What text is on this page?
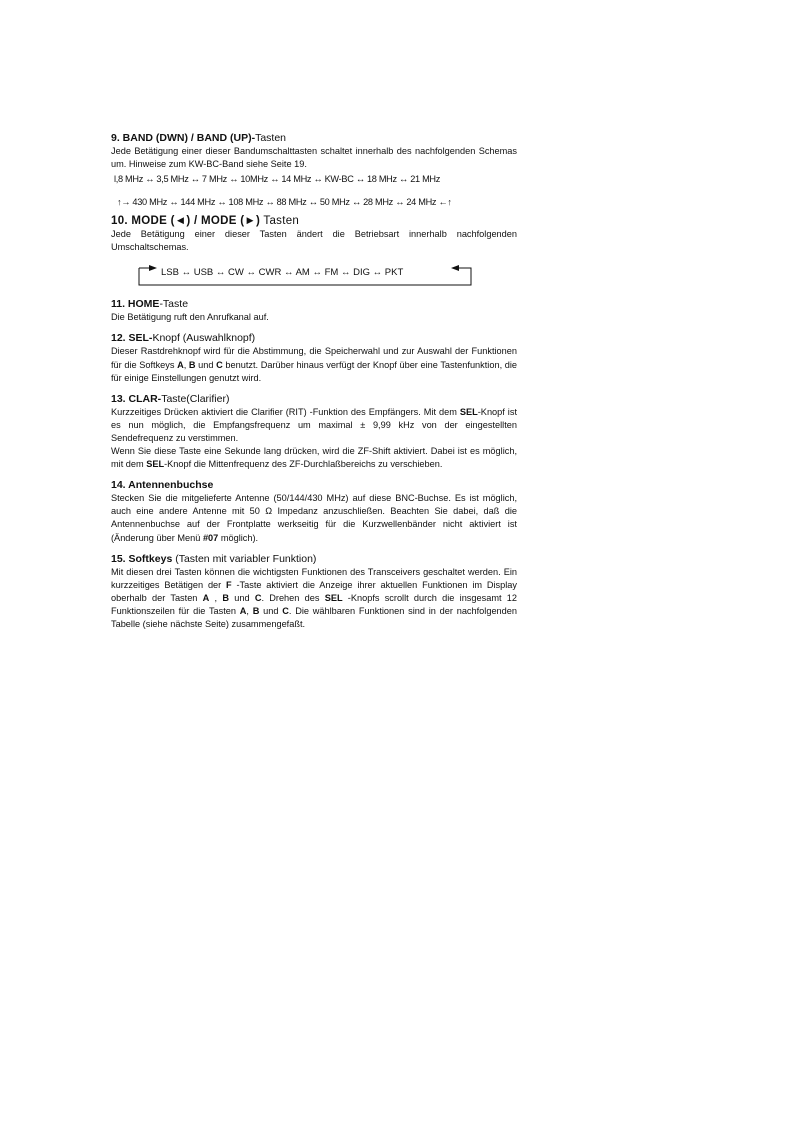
9. BAND (DWN) / BAND (UP)-Tasten

Jede Betätigung einer dieser Bandumschalttasten schaltet innerhalb des nachfolgenden Schemas um. Hinweise zum KW-BC-Band siehe Seite 19.

l,8 MHz ↔ 3,5 MHz ↔ 7 MHz ↔ 10MHz ↔ 14 MHz ↔ KW-BC ↔ 18 MHz ↔ 21 MHz
↑→ 430 MHz ↔ 144 MHz ↔ 108 MHz ↔ 88 MHz ↔ 50 MHz ↔ 28 MHz ↔ 24 MHz ←↑
10. MODE (◄) / MODE (►) Tasten

Jede Betätigung einer dieser Tasten ändert die Betriebsart innerhalb nachfolgenden Umschaltschemas.

LSB ↔ USB ↔ CW ↔ CWR ↔ AM ↔ FM ↔ DIG ↔ PKT
11. HOME-Taste

Die Betätigung ruft den Anrufkanal auf.

12. SEL-Knopf (Auswahlknopf)

Dieser Rastdrehknopf wird für die Abstimmung, die Speicherwahl und zur Auswahl der Funktionen für die Softkeys A, B und C benutzt. Darüber hinaus verfügt der Knopf über eine Tastenfunktion, die für einige Einstellungen genutzt wird.

13. CLAR-Taste(Clarifier)

Kurzzeitiges Drücken aktiviert die Clarifier (RIT) -Funktion des Empfängers. Mit dem SEL-Knopf ist es nun möglich, die Empfangsfrequenz um maximal ± 9,99 kHz von der eingestellten Sendefrequenz zu verstimmen.

Wenn Sie diese Taste eine Sekunde lang drücken, wird die ZF-Shift aktiviert. Dabei ist es möglich, mit dem SEL-Knopf die Mittenfrequenz des ZF-Durchlaßbereichs zu verschieben.

14. Antennenbuchse

Stecken Sie die mitgelieferte Antenne (50/144/430 MHz) auf diese BNC-Buchse. Es ist möglich, auch eine andere Antenne mit 50 Ω Impedanz anzuschließen. Beachten Sie dabei, daß die Antennenbuchse auf der Frontplatte werkseitig für die Kurzwellenbänder nicht aktiviert ist (Änderung über Menü #07 möglich).

15. Softkeys (Tasten mit variabler Funktion)

Mit diesen drei Tasten können die wichtigsten Funktionen des Transceivers geschaltet werden. Ein kurzzeitiges Betätigen der F -Taste aktiviert die Anzeige ihrer aktuellen Funktionen im Display oberhalb der Tasten A , B und C. Drehen des SEL -Knopfs scrollt durch die insgesamt 12 Funktionszeilen für die Tasten A, B und C. Die wählbaren Funktionen sind in der nachfolgenden Tabelle (siehe nächste Seite) zusammengefaßt.
